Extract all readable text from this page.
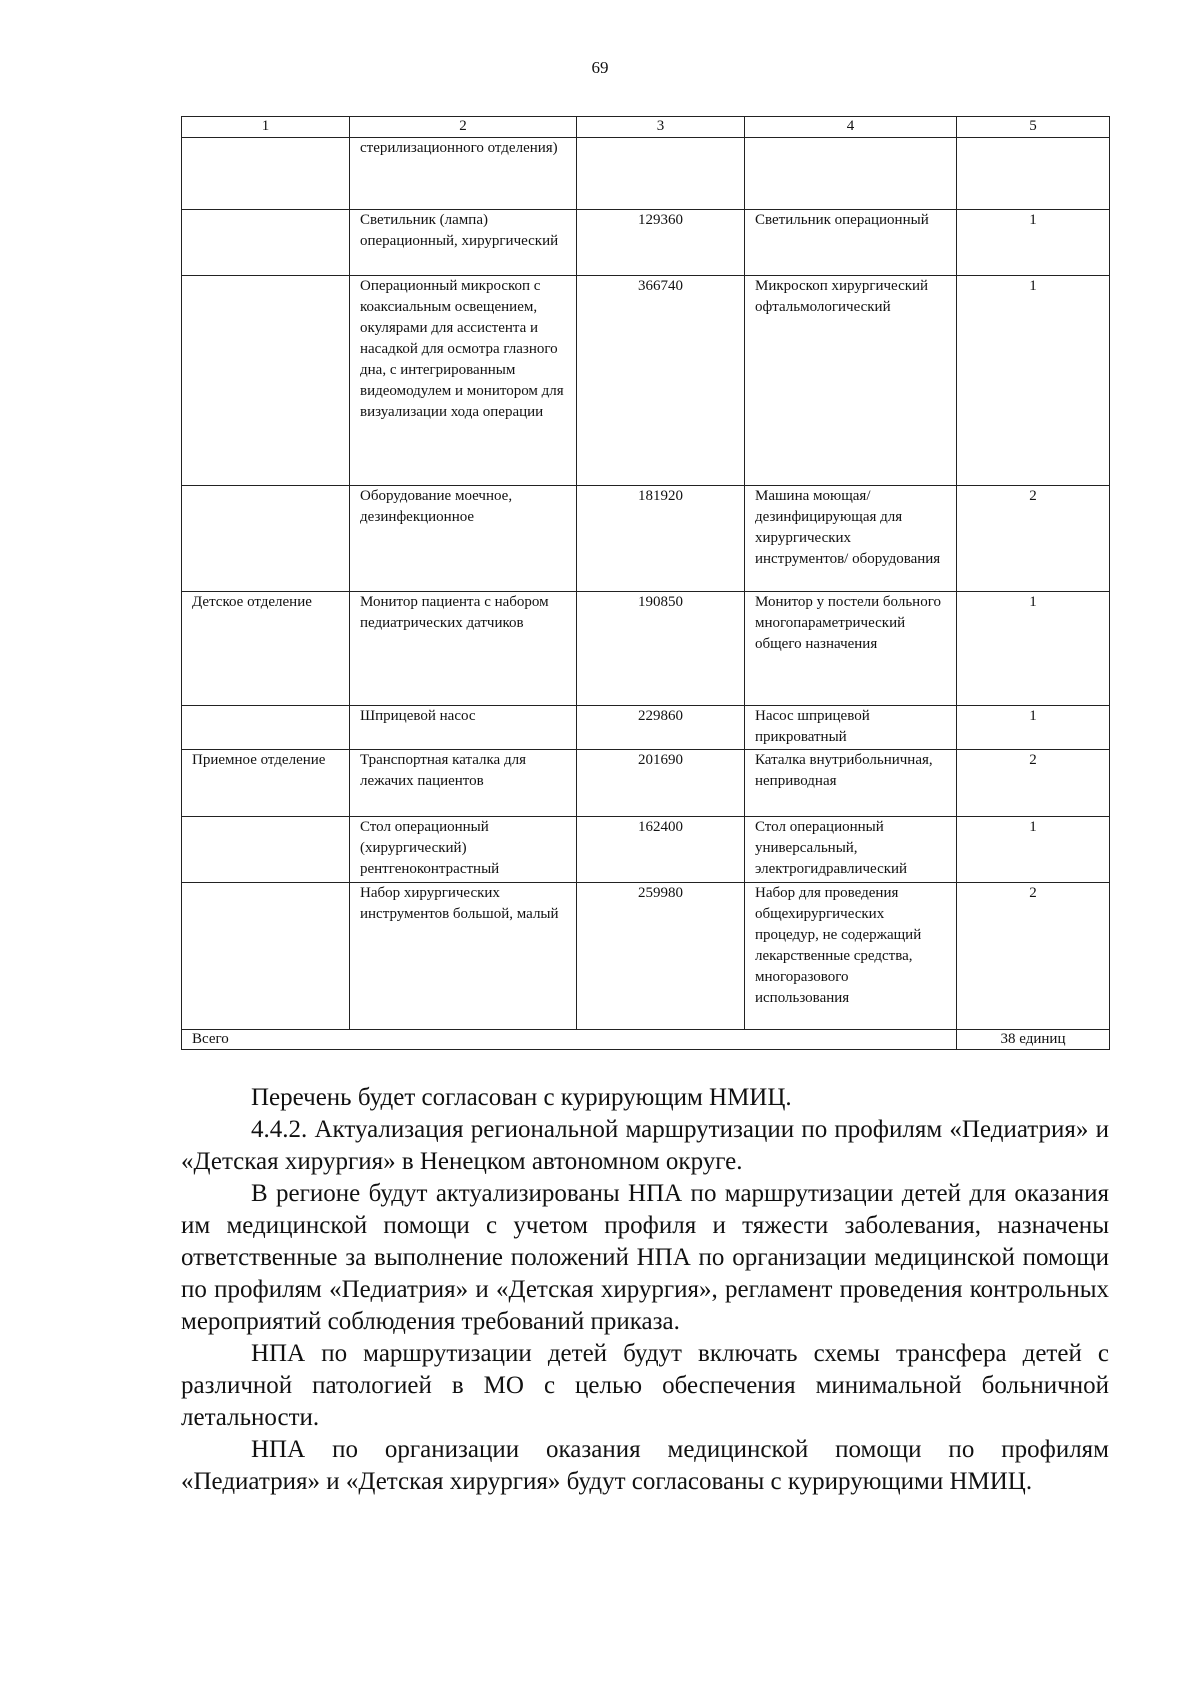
69
1	2	3	4	5
	стерилизационного отделения)			
	Светильник (лампа) операционный, хирургический	129360	Светильник операционный	1
	Операционный микроскоп с коаксиальным освещением, окулярами для ассистента и насадкой для осмотра глазного дна, с интегрированным видеомодулем и монитором для визуализации хода операции	366740	Микроскоп хирургический офтальмологический	1
	Оборудование моечное, дезинфекционное	181920	Машина моющая/ дезинфицирующая для хирургических инструментов/ оборудования	2
Детское отделение	Монитор пациента с набором педиатрических датчиков	190850	Монитор у постели больного многопараметрический общего назначения	1
	Шприцевой насос	229860	Насос шприцевой прикроватный	1
Приемное отделение	Транспортная каталка для лежачих пациентов	201690	Каталка внутрибольничная, неприводная	2
	Стол операционный (хирургический) рентгеноконтрастный	162400	Стол операционный универсальный, электрогидравлический	1
	Набор хирургических инструментов большой, малый	259980	Набор для проведения общехирургических процедур, не содержащий лекарственные средства, многоразового использования	2
Всего				38 единиц

Перечень будет согласован с курирующим НМИЦ.

4.4.2. Актуализация региональной маршрутизации по профилям «Педиатрия» и «Детская хирургия» в Ненецком автономном округе.

В регионе будут актуализированы НПА по маршрутизации детей для оказания им медицинской помощи с учетом профиля и тяжести заболевания, назначены ответственные за выполнение положений НПА по организации медицинской помощи по профилям «Педиатрия» и «Детская хирургия», регламент проведения контрольных мероприятий соблюдения требований приказа.

НПА по маршрутизации детей будут включать схемы трансфера детей с различной патологией в МО с целью обеспечения минимальной больничной летальности.

НПА по организации оказания медицинской помощи по профилям «Педиатрия» и «Детская хирургия» будут согласованы с курирующими НМИЦ.
